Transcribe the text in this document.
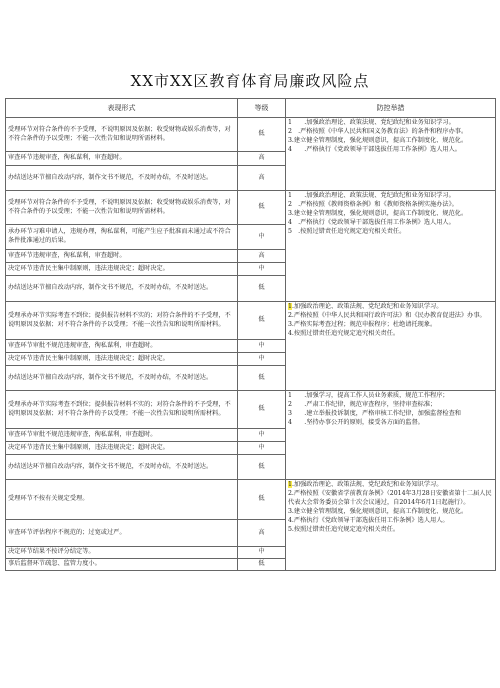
XX市XX区教育体育局廉政风险点
表现形式	等级	防控举措
受理环节对符合条件的不予受理，不说明原因及依据；收受财物或娱乐消费等，对不符合条件的予以受理；不能一次性告知和说明所需材料。	低	1　　.加强政治理论、政策法规、党纪政纪和业务知识学习。
2　.严格按照《中华人民共和国义务教育法》的条件和程序办事。
3.建立健全管理制度，强化规则意识，提高工作制度化、规范化。
4　　.严格执行《党政领导干部选拔任用工作条例》选人用人。

审查环节违规审查，徇私谋利，审查超时。	高	
办结送达环节擅自改动内容，制作文书不规范，不及时办结，不及时送达。	高	
受理环节对符合条件的不予受理，不说明原因及依据；收受财物或娱乐消费等，对不符合条件的予以受理；不能一次性告知和说明所需材料。	低	1　　.加强政治理论、政策法规、党纪政纪和业务知识学习。
2　.严格按照《教师资格条例》和《教师资格条例实施办法》。
3.建立健全管理制度，强化规则意识，提高工作制度化、规范化。
4　.严格执行《党政领导干部选拔任用工作条例》选人用人。
5　.按照过错责任追究规定追究相关责任。

承办环节习难申请人，违规办理，徇私谋利，可能产生应予批准而未通过或不符合条件批准通过的后果。	中	
审查环节违规审查，徇私谋利，审查超时。	高	
决定环节违背民主集中制原则，违法违规决定；超时决定。	中	
办结送达环节擅自改动内容，制作文书不规范，不及时办结，不及时送达。	低	
受理承办环节实际考查不到位；提供报告材料不实的；对符合条件的不予受理，不说明原因及依据；对不符合条件的予以受理；不能一次性告知和说明所需材料。	低	1.加强政治理论、政策法规、党纪政纪和业务知识学习。
2.严格按照《中华人民共和国行政许可法》和《民办教育促进法》办事。
3.严格实际考查过程；规范申报程序；杜绝请托现象。
4.按照过错责任追究规定追究相关责任。

审查环节审批不规范违规审查，徇私谋利，审查超时。	中	
决定环节违背民主集中制原则，违法违规决定；超时决定。	中	
办结送达环节擅自改动内容，制作文书不规范，不及时办结，不及时送达。	低	
受理承办环节实际考查不到位；提供报告材料不实的；对符合条件的不予受理，不说明原因及依据；对不符合条件的予以受理；不能一次性告知和说明所需材料。	低	1　　.加强学习，提高工作人员业务素质，规范工作程序；
2　　.严肃工作纪律，规范审查程序，坚持审查标准；
3　　.建立举报投诉制度，严格审核工作纪律，加强监督检查和
4　　.坚持办事公开的原则，接受各方面的监督。

审查环节审批不规范违规审查，徇私谋利，审查超时。	中	
决定环节违背民主集中制原则，违法违规决定；超时决定。	中	
办结送达环节擅自改动内容，制作文书不规范，不及时办结，不及时送达。	低	
受理环节不按有关规定受理。	低	1.加强政治理论、政策法规、党纪政纪和业务知识学习。
2.严格按照《安徽省学前教育条例》（2014年3月28日安徽省第十二届人民代表大会常务委员会第十次会议通过，自2014年6月1日起施行）。
3.建立健全管理制度，强化规则意识，提高工作制度化、规范化。
4.严格执行《党政领导干部选拔任用工作条例》选人用人。
5.按照过错责任追究规定追究相关责任。

审查环节评估程序不规范的；过宽或过严。	高	
决定环节结果不按评分结定等。	中	
事后监督环节疏忽、监管力度小。	低	
